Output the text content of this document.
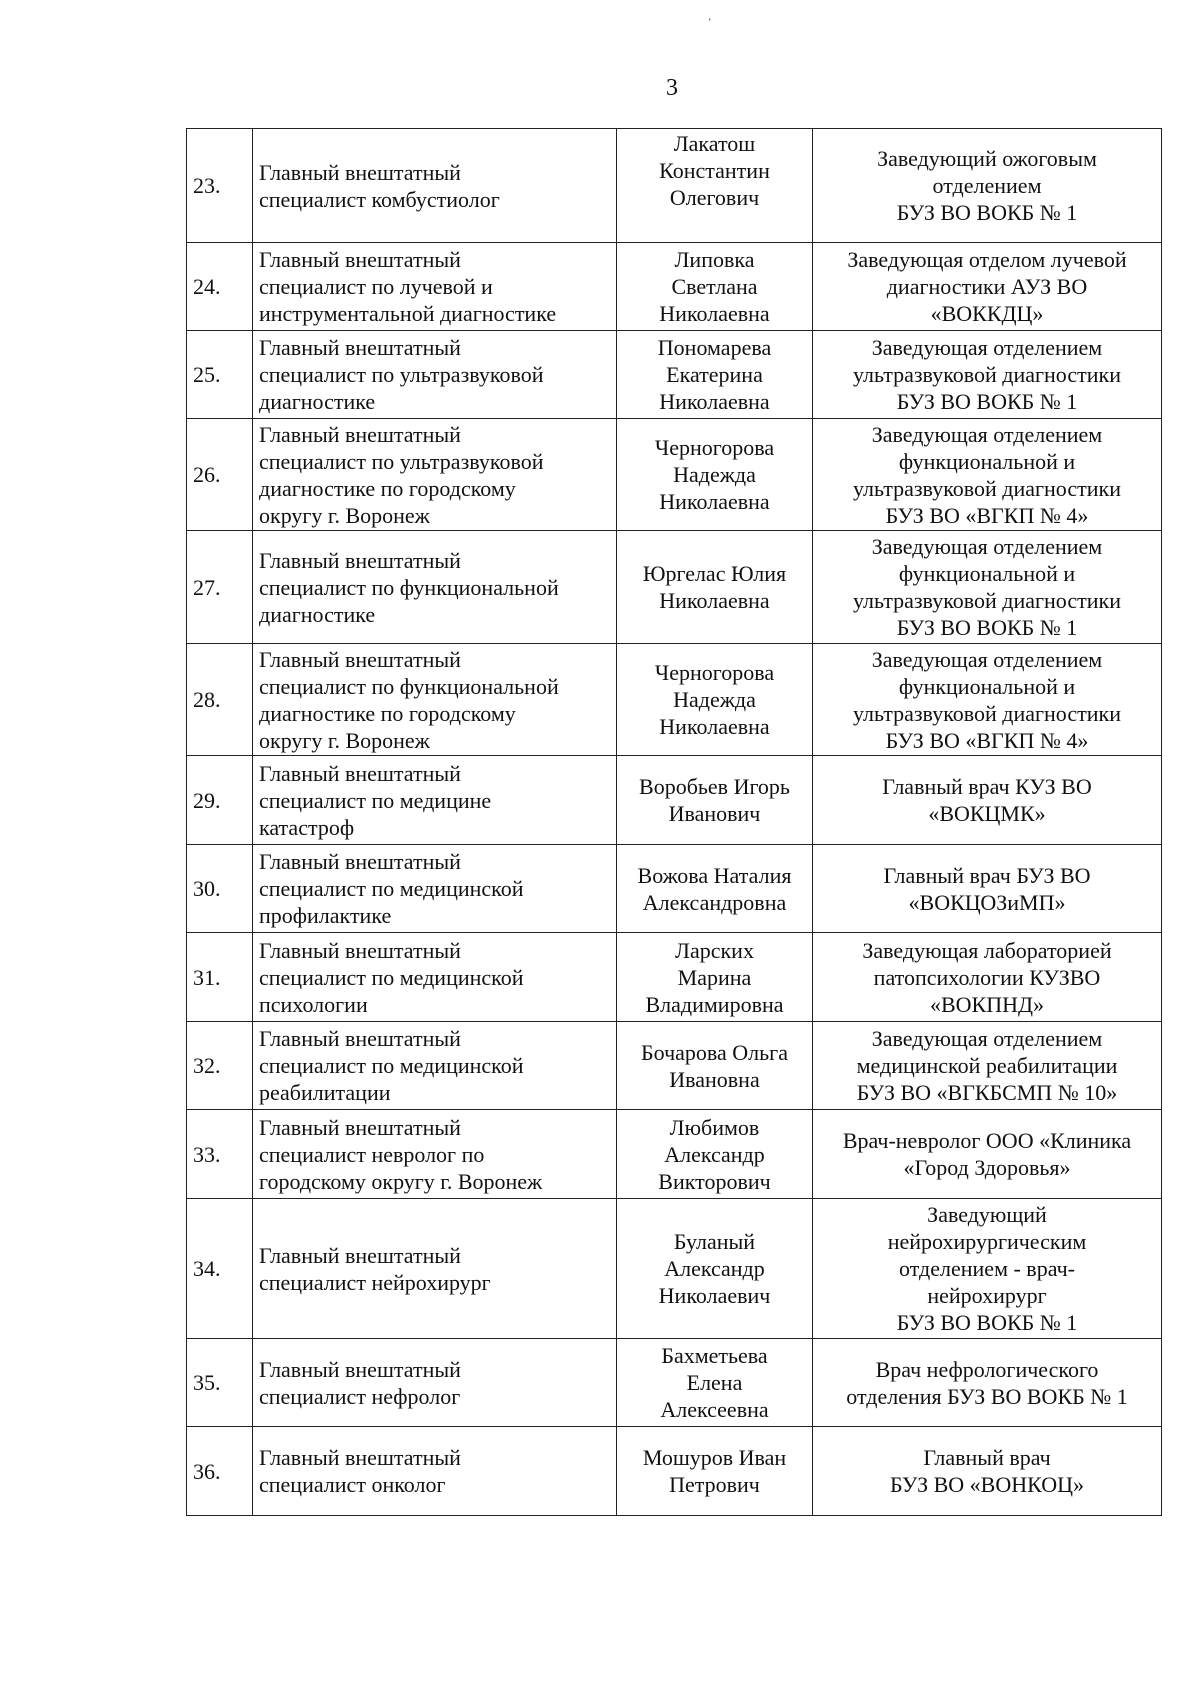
‘
3
23.	Главный внештатный
специалист комбустиолог	Лакатош
Константин
Олегович	Заведующий ожоговым
отделением
БУЗ ВО ВОКБ № 1
24.	Главный внештатный
специалист по лучевой и
инструментальной диагностике	Липовка
Светлана
Николаевна	Заведующая отделом лучевой
диагностики АУЗ ВО
«ВОККДЦ»
25.	Главный внештатный
специалист по ультразвуковой
диагностике	Пономарева
Екатерина
Николаевна	Заведующая отделением
ультразвуковой диагностики
БУЗ ВО ВОКБ № 1
26.	Главный внештатный
специалист по ультразвуковой
диагностике по городскому
округу г. Воронеж	Черногорова
Надежда
Николаевна	Заведующая отделением
функциональной и
ультразвуковой диагностики
БУЗ ВО «ВГКП № 4»
27.	Главный внештатный
специалист по функциональной
диагностике	Юргелас Юлия
Николаевна	Заведующая отделением
функциональной и
ультразвуковой диагностики
БУЗ ВО ВОКБ № 1
28.	Главный внештатный
специалист по функциональной
диагностике по городскому
округу г. Воронеж	Черногорова
Надежда
Николаевна	Заведующая отделением
функциональной и
ультразвуковой диагностики
БУЗ ВО «ВГКП № 4»
29.	Главный внештатный
специалист по медицине
катастроф	Воробьев Игорь
Иванович	Главный врач КУЗ ВО
«ВОКЦМК»
30.	Главный внештатный
специалист по медицинской
профилактике	Вожова Наталия
Александровна	Главный врач БУЗ ВО
«ВОКЦОЗиМП»
31.	Главный внештатный
специалист по медицинской
психологии	Ларских
Марина
Владимировна	Заведующая лабораторией
патопсихологии КУЗВО
«ВОКПНД»
32.	Главный внештатный
специалист по медицинской
реабилитации	Бочарова Ольга
Ивановна	Заведующая отделением
медицинской реабилитации
БУЗ ВО «ВГКБСМП № 10»
33.	Главный внештатный
специалист невролог по
городскому округу г. Воронеж	Любимов
Александр
Викторович	Врач-невролог ООО «Клиника
«Город Здоровья»
34.	Главный внештатный
специалист нейрохирург	Буланый
Александр
Николаевич	Заведующий
нейрохирургическим
отделением - врач-
нейрохирург
БУЗ ВО ВОКБ № 1
35.	Главный внештатный
специалист нефролог	Бахметьева
Елена
Алексеевна	Врач нефрологического
отделения БУЗ ВО ВОКБ № 1
36.	Главный внештатный
специалист онколог	Мошуров Иван
Петрович	Главный врач
БУЗ ВО «ВОНКОЦ»
